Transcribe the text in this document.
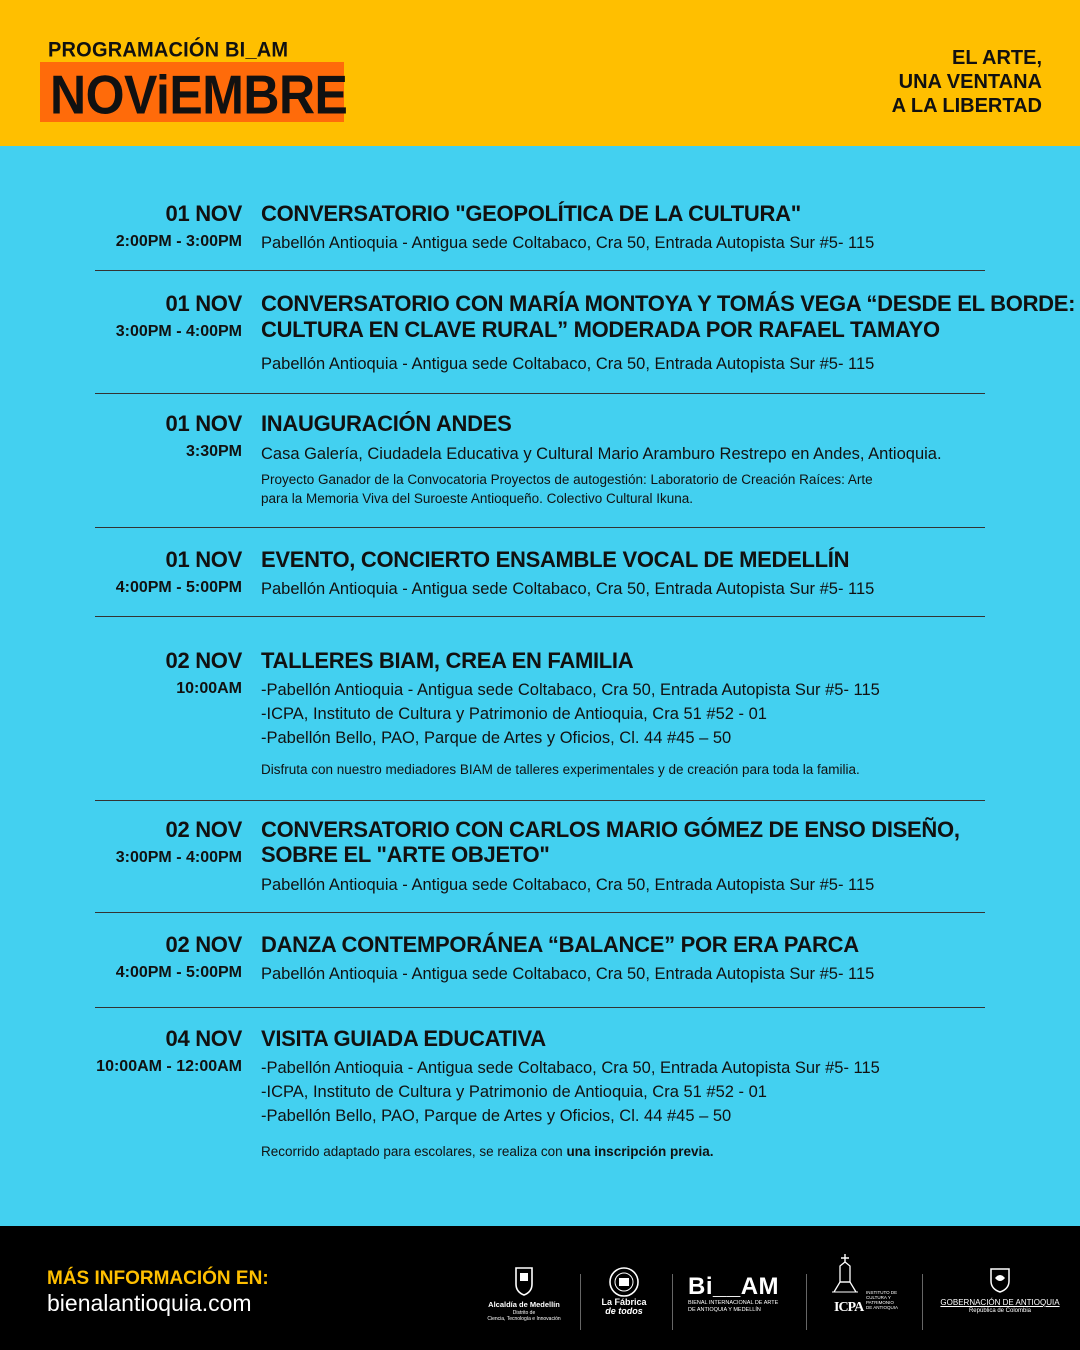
PROGRAMACIÓN BI_AM
NOViEMBRE
EL ARTE,
UNA VENTANA
A LA LIBERTAD
01 NOV
2:00PM - 3:00PM
CONVERSATORIO "GEOPOLÍTICA DE LA CULTURA"
Pabellón Antioquia - Antigua sede Coltabaco, Cra 50, Entrada Autopista Sur #5- 115
01 NOV
3:00PM - 4:00PM
CONVERSATORIO CON MARÍA MONTOYA Y TOMÁS VEGA “DESDE EL BORDE:
CULTURA EN CLAVE RURAL” MODERADA POR RAFAEL TAMAYO
Pabellón Antioquia - Antigua sede Coltabaco, Cra 50, Entrada Autopista Sur #5- 115
01 NOV
3:30PM
INAUGURACIÓN ANDES
Casa Galería, Ciudadela Educativa y Cultural Mario Aramburo Restrepo en Andes, Antioquia.
Proyecto Ganador de la Convocatoria Proyectos de autogestión: Laboratorio de Creación Raíces: Arte
para la Memoria Viva del Suroeste Antioqueño. Colectivo Cultural Ikuna.
01 NOV
4:00PM - 5:00PM
EVENTO, CONCIERTO ENSAMBLE VOCAL DE MEDELLÍN
Pabellón Antioquia - Antigua sede Coltabaco, Cra 50, Entrada Autopista Sur #5- 115
02 NOV
10:00AM
TALLERES BIAM, CREA EN FAMILIA
-Pabellón Antioquia - Antigua sede Coltabaco, Cra 50, Entrada Autopista Sur #5- 115
-ICPA, Instituto de Cultura y Patrimonio de Antioquia, Cra 51 #52 - 01
-Pabellón Bello, PAO, Parque de Artes y Oficios, Cl. 44 #45 – 50
Disfruta con nuestro mediadores BIAM de talleres experimentales y de creación para toda la familia.
02 NOV
3:00PM - 4:00PM
CONVERSATORIO CON CARLOS MARIO GÓMEZ DE ENSO DISEÑO,
SOBRE EL "ARTE OBJETO"
Pabellón Antioquia - Antigua sede Coltabaco, Cra 50, Entrada Autopista Sur #5- 115
02 NOV
4:00PM - 5:00PM
DANZA CONTEMPORÁNEA “BALANCE” POR ERA PARCA
Pabellón Antioquia - Antigua sede Coltabaco, Cra 50, Entrada Autopista Sur #5- 115
04 NOV
10:00AM - 12:00AM
VISITA GUIADA EDUCATIVA
-Pabellón Antioquia - Antigua sede Coltabaco, Cra 50, Entrada Autopista Sur #5- 115
-ICPA, Instituto de Cultura y Patrimonio de Antioquia, Cra 51 #52 - 01
-Pabellón Bello, PAO, Parque de Artes y Oficios, Cl. 44 #45 – 50
Recorrido adaptado para escolares, se realiza con una inscripción previa.
MÁS INFORMACIÓN EN:
bienalantioquia.com	Alcaldía de Medellín
Distrito de
Ciencia, Tecnología e Innovación
La Fábrica
de todos
Bi__AM
BIENAL INTERNACIONAL DE ARTE
DE ANTIOQUIA Y MEDELLÍN	ICPA
INSTITUTO DE
CULTURA Y
PATRIMONIO
DE ANTIOQUIA
GOBERNACIÓN DE ANTIOQUIA
República de Colombia
